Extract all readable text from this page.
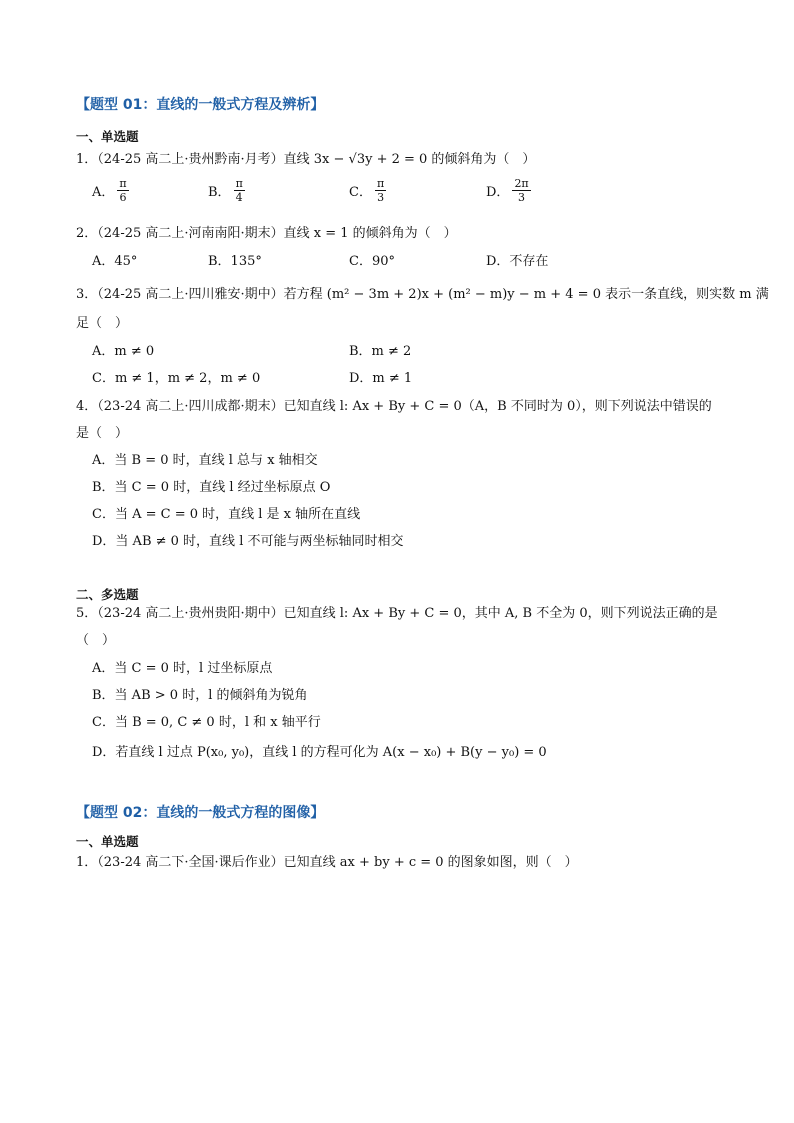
【题型 01：直线的一般式方程及辨析】
一、单选题
1．（24-25 高二上·贵州黔南·月考）直线 3x − √3y + 2 = 0 的倾斜角为（　）
A． $\frac{\pi}{6}$	B． $\frac{\pi}{4}$	C． $\frac{\pi}{3}$	D． $\frac{2\pi}{3}$
2．（24-25 高二上·河南南阳·期末）直线 x = 1 的倾斜角为（　）
A．45°	B．135°	C．90°	D．不存在
3．（24-25 高二上·四川雅安·期中）若方程 (m² − 3m + 2)x + (m² − m)y − m + 4 = 0 表示一条直线，则实数 m 满
足（　）
A．m ≠ 0	B．m ≠ 2
C．m ≠ 1，m ≠ 2，m ≠ 0	D．m ≠ 1
4．（23-24 高二上·四川成都·期末）已知直线 l: Ax + By + C = 0（A，B 不同时为 0），则下列说法中错误的
是（　）
A．当 B = 0 时，直线 l 总与 x 轴相交
B．当 C = 0 时，直线 l 经过坐标原点 O
C．当 A = C = 0 时，直线 l 是 x 轴所在直线
D．当 AB ≠ 0 时，直线 l 不可能与两坐标轴同时相交
二、多选题
5．（23-24 高二上·贵州贵阳·期中）已知直线 l: Ax + By + C = 0，其中 A, B 不全为 0，则下列说法正确的是
（　）
A．当 C = 0 时，l 过坐标原点
B．当 AB > 0 时，l 的倾斜角为锐角
C．当 B = 0, C ≠ 0 时，l 和 x 轴平行
D．若直线 l 过点 P(x₀, y₀)，直线 l 的方程可化为 A(x − x₀) + B(y − y₀) = 0
【题型 02：直线的一般式方程的图像】
一、单选题
1．（23-24 高二下·全国·课后作业）已知直线 ax + by + c = 0 的图象如图，则（　）
